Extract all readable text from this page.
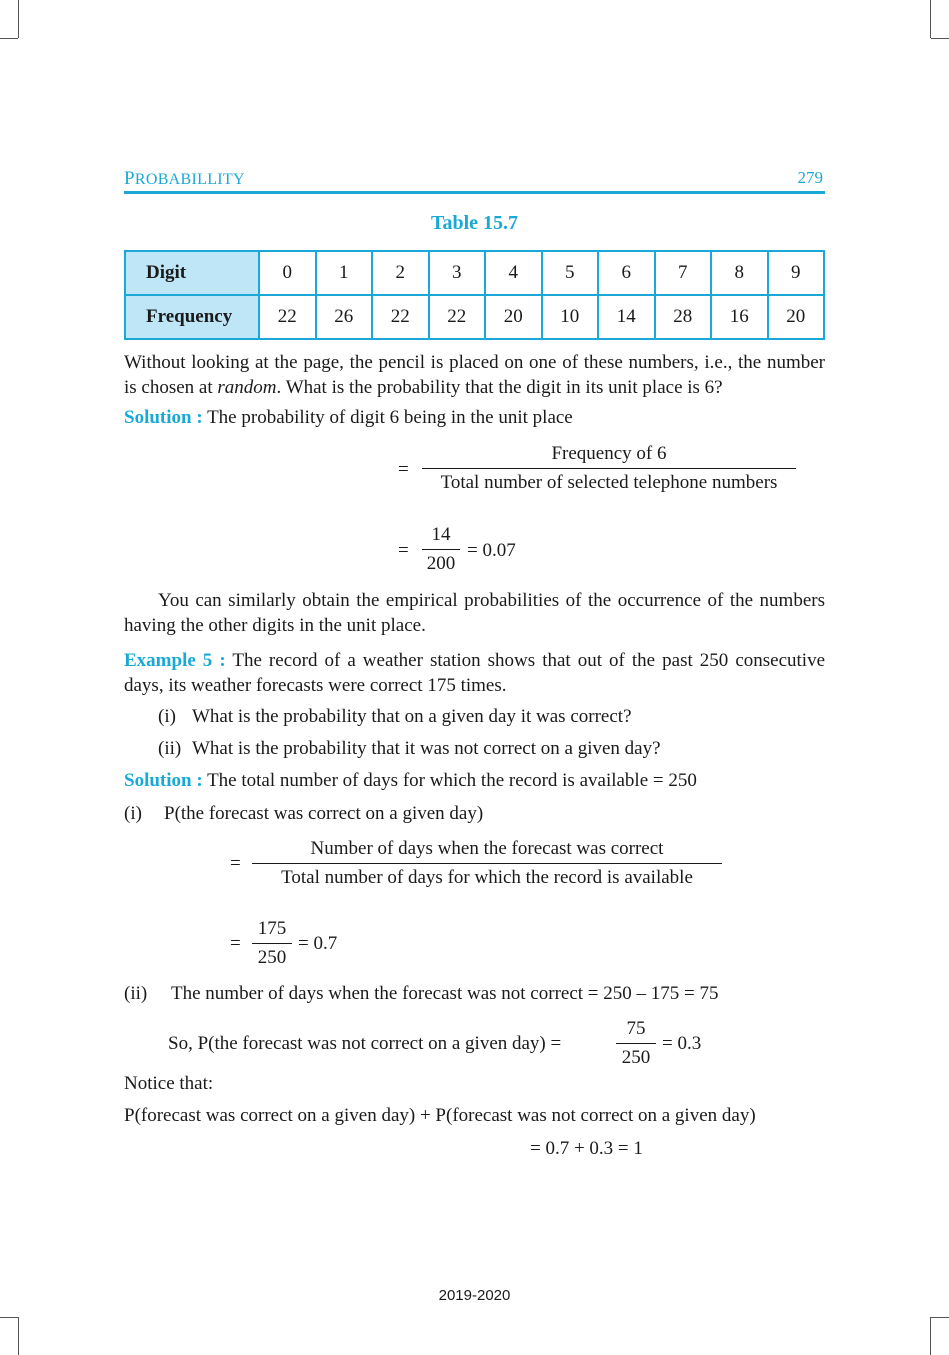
PROBABILLITY	279
Table 15.7
Digit	0	1	2	3	4	5	6	7	8	9
Frequency	22	26	22	22	20	10	14	28	16	20
Without looking at the page, the pencil is placed on one of these numbers, i.e., the number is chosen at random. What is the probability that the digit in its unit place is 6?
Solution : The probability of digit 6 being in the unit place
=
Frequency of 6
Total number of selected telephone numbers
= $\frac{14}{200} = 0.07$
You can similarly obtain the empirical probabilities of the occurrence of the numbers having the other digits in the unit place.
Example 5 : The record of a weather station shows that out of the past 250 consecutive days, its weather forecasts were correct 175 times.
(i) What is the probability that on a given day it was correct?
(ii) What is the probability that it was not correct on a given day?
Solution : The total number of days for which the record is available = 250
(i) P(the forecast was correct on a given day)
=
Number of days when the forecast was correct
Total number of days for which the record is available
= $\frac{175}{250} = 0.7$
(ii) The number of days when the forecast was not correct = 250 – 175 = 75
So, P(the forecast was not correct on a given day) =	$\frac{75}{250} = 0.3$
Notice that:
P(forecast was correct on a given day) + P(forecast was not correct on a given day)
= 0.7 + 0.3 = 1
2019-2020
